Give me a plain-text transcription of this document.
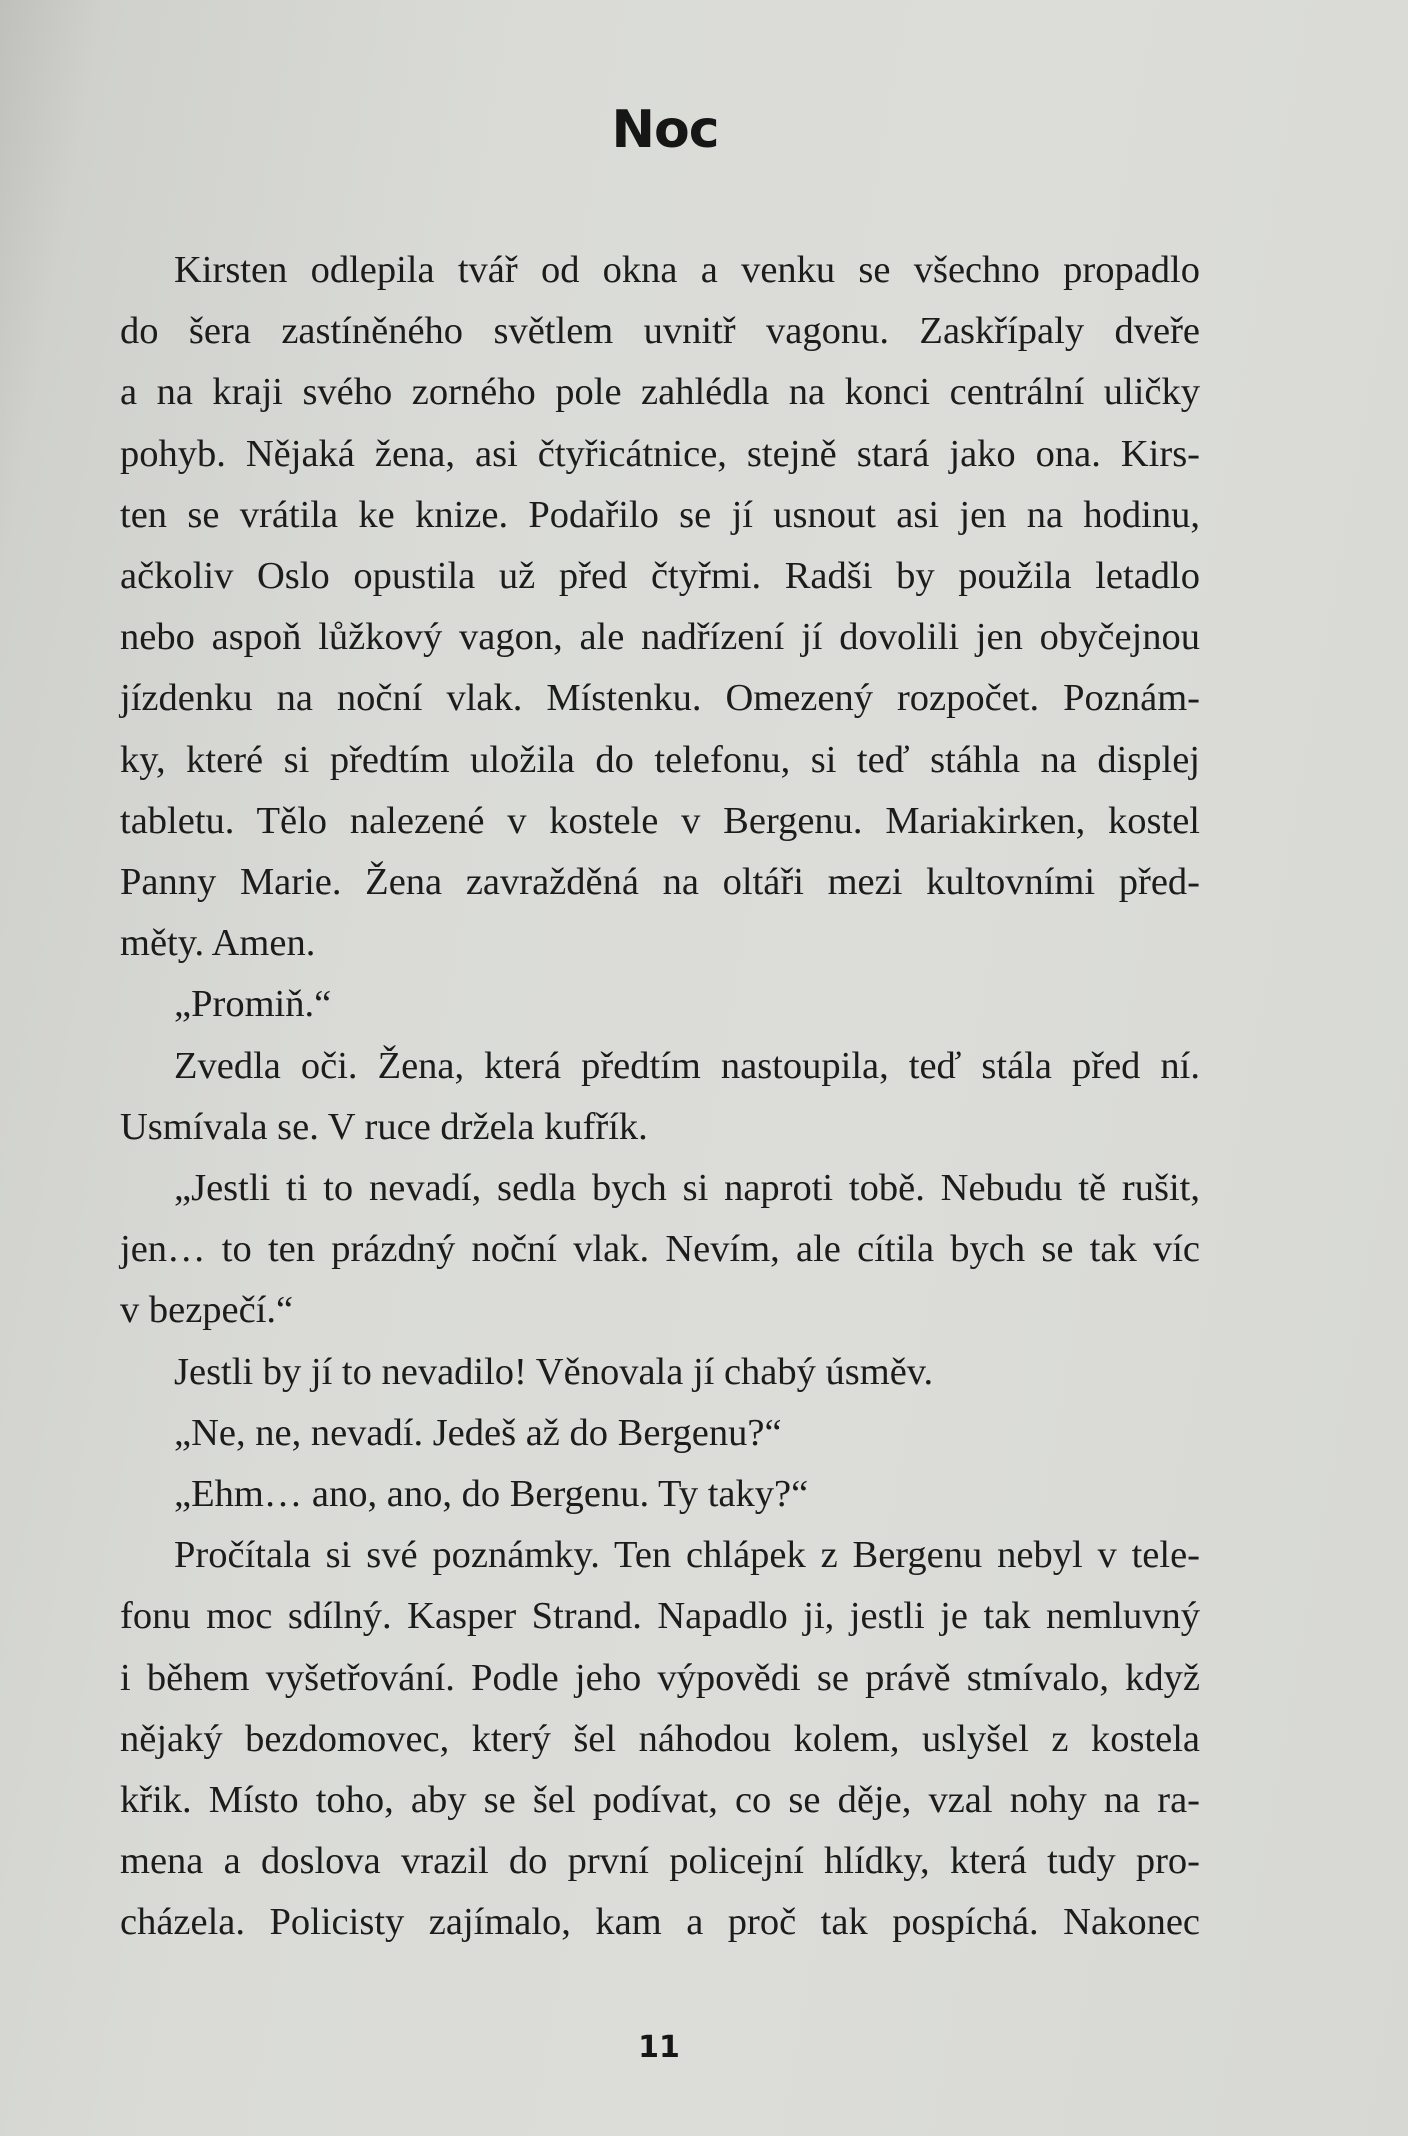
Noc

Kirsten odlepila tvář od okna a venku se všechno propadlo

do šera zastíněného světlem uvnitř vagonu. Zaskřípaly dveře

a na kraji svého zorného pole zahlédla na konci centrální uličky

pohyb. Nějaká žena, asi čtyřicátnice, stejně stará jako ona. Kirs-

ten se vrátila ke knize. Podařilo se jí usnout asi jen na hodinu,

ačkoliv Oslo opustila už před čtyřmi. Radši by použila letadlo

nebo aspoň lůžkový vagon, ale nadřízení jí dovolili jen obyčejnou

jízdenku na noční vlak. Místenku. Omezený rozpočet. Poznám-

ky, které si předtím uložila do telefonu, si teď stáhla na displej

tabletu. Tělo nalezené v kostele v Bergenu. Mariakirken, kostel

Panny Marie. Žena zavražděná na oltáři mezi kultovními před-

měty. Amen.

„Promiň.“

Zvedla oči. Žena, která předtím nastoupila, teď stála před ní.

Usmívala se. V ruce držela kufřík.

„Jestli ti to nevadí, sedla bych si naproti tobě. Nebudu tě rušit,

jen… to ten prázdný noční vlak. Nevím, ale cítila bych se tak víc

v bezpečí.“

Jestli by jí to nevadilo! Věnovala jí chabý úsměv.

„Ne, ne, nevadí. Jedeš až do Bergenu?“

„Ehm… ano, ano, do Bergenu. Ty taky?“

Pročítala si své poznámky. Ten chlápek z Bergenu nebyl v tele-

fonu moc sdílný. Kasper Strand. Napadlo ji, jestli je tak nemluvný

i během vyšetřování. Podle jeho výpovědi se právě stmívalo, když

nějaký bezdomovec, který šel náhodou kolem, uslyšel z kostela

křik. Místo toho, aby se šel podívat, co se děje, vzal nohy na ra-

mena a doslova vrazil do první policejní hlídky, která tudy pro-

cházela. Policisty zajímalo, kam a proč tak pospíchá. Nakonec

11
